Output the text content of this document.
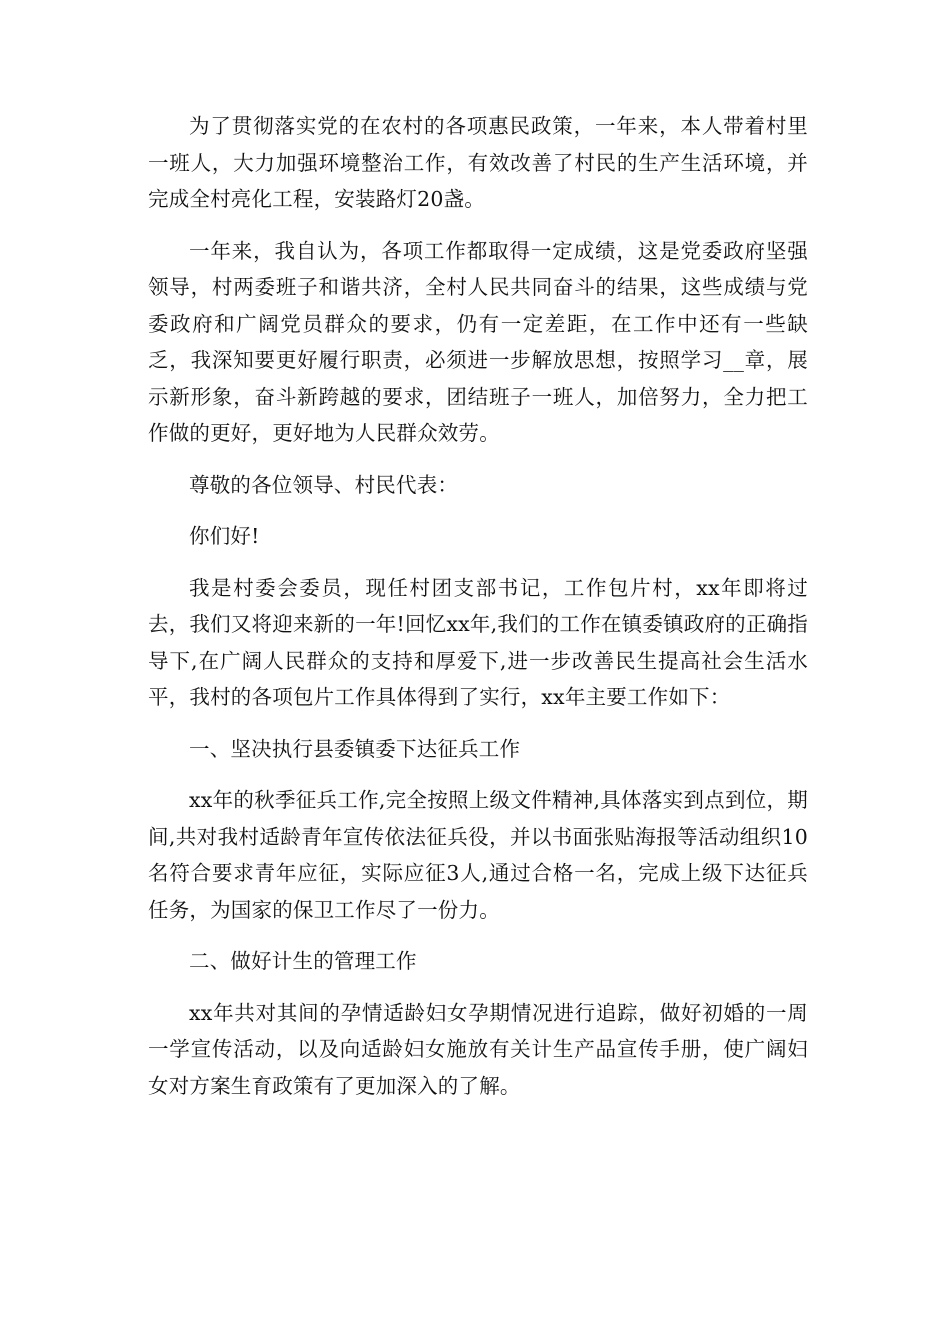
为了贯彻落实党的在农村的各项惠民政策，一年来，本人带着村里一班人，大力加强环境整治工作，有效改善了村民的生产生活环境，并完成全村亮化工程，安装路灯20盏。

一年来，我自认为，各项工作都取得一定成绩，这是党委政府坚强领导，村两委班子和谐共济，全村人民共同奋斗的结果，这些成绩与党委政府和广阔党员群众的要求，仍有一定差距，在工作中还有一些缺乏，我深知要更好履行职责，必须进一步解放思想，按照学习__章，展示新形象，奋斗新跨越的要求，团结班子一班人，加倍努力，全力把工作做的更好，更好地为人民群众效劳。

尊敬的各位领导、村民代表：

你们好!

我是村委会委员，现任村团支部书记，工作包片村，xx年即将过去，我们又将迎来新的一年!回忆xx年,我们的工作在镇委镇政府的正确指导下,在广阔人民群众的支持和厚爱下,进一步改善民生提高社会生活水平，我村的各项包片工作具体得到了实行，xx年主要工作如下：

一、坚决执行县委镇委下达征兵工作

xx年的秋季征兵工作,完全按照上级文件精神,具体落实到点到位，期间,共对我村适龄青年宣传依法征兵役，并以书面张贴海报等活动组织10名符合要求青年应征，实际应征3人,通过合格一名，完成上级下达征兵任务，为国家的保卫工作尽了一份力。

二、做好计生的管理工作

xx年共对其间的孕情适龄妇女孕期情况进行追踪，做好初婚的一周一学宣传活动，以及向适龄妇女施放有关计生产品宣传手册，使广阔妇女对方案生育政策有了更加深入的了解。
